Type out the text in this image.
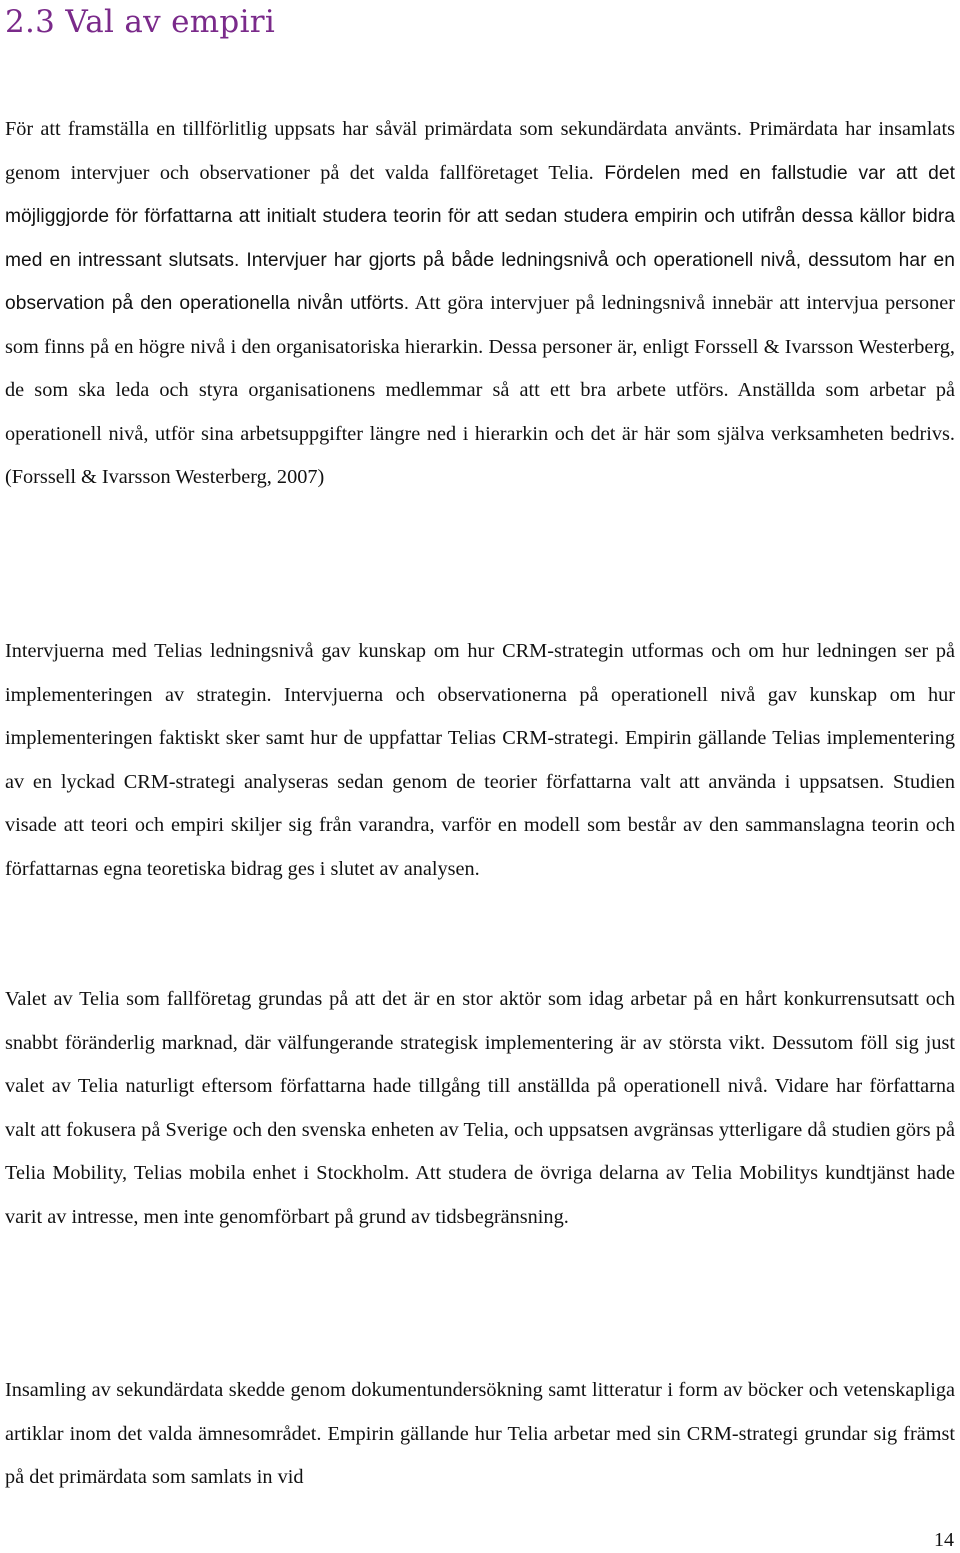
2.3 Val av empiri

För att framställa en tillförlitlig uppsats har såväl primärdata som sekundärdata använts. Primärdata har insamlats genom intervjuer och observationer på det valda fallföretaget Telia. Fördelen med en fallstudie var att det möjliggjorde för författarna att initialt studera teorin för att sedan studera empirin och utifrån dessa källor bidra med en intressant slutsats. Intervjuer har gjorts på både ledningsnivå och operationell nivå, dessutom har en observation på den operationella nivån utförts. Att göra intervjuer på ledningsnivå innebär att intervjua personer som finns på en högre nivå i den organisatoriska hierarkin. Dessa personer är, enligt Forssell & Ivarsson Westerberg, de som ska leda och styra organisationens medlemmar så att ett bra arbete utförs. Anställda som arbetar på operationell nivå, utför sina arbetsuppgifter längre ned i hierarkin och det är här som själva verksamheten bedrivs. (Forssell & Ivarsson Westerberg, 2007)

Intervjuerna med Telias ledningsnivå gav kunskap om hur CRM-strategin utformas och om hur ledningen ser på implementeringen av strategin. Intervjuerna och observationerna på operationell nivå gav kunskap om hur implementeringen faktiskt sker samt hur de uppfattar Telias CRM-strategi. Empirin gällande Telias implementering av en lyckad CRM-strategi analyseras sedan genom de teorier författarna valt att använda i uppsatsen. Studien visade att teori och empiri skiljer sig från varandra, varför en modell som består av den sammanslagna teorin och författarnas egna teoretiska bidrag ges i slutet av analysen.

Valet av Telia som fallföretag grundas på att det är en stor aktör som idag arbetar på en hårt konkurrensutsatt och snabbt föränderlig marknad, där välfungerande strategisk implementering är av största vikt. Dessutom föll sig just valet av Telia naturligt eftersom författarna hade tillgång till anställda på operationell nivå. Vidare har författarna valt att fokusera på Sverige och den svenska enheten av Telia, och uppsatsen avgränsas ytterligare då studien görs på Telia Mobility, Telias mobila enhet i Stockholm. Att studera de övriga delarna av Telia Mobilitys kundtjänst hade varit av intresse, men inte genomförbart på grund av tidsbegränsning.

Insamling av sekundärdata skedde genom dokumentundersökning samt litteratur i form av böcker och vetenskapliga artiklar inom det valda ämnesområdet. Empirin gällande hur Telia arbetar med sin CRM-strategi grundar sig främst på det primärdata som samlats in vid

14
